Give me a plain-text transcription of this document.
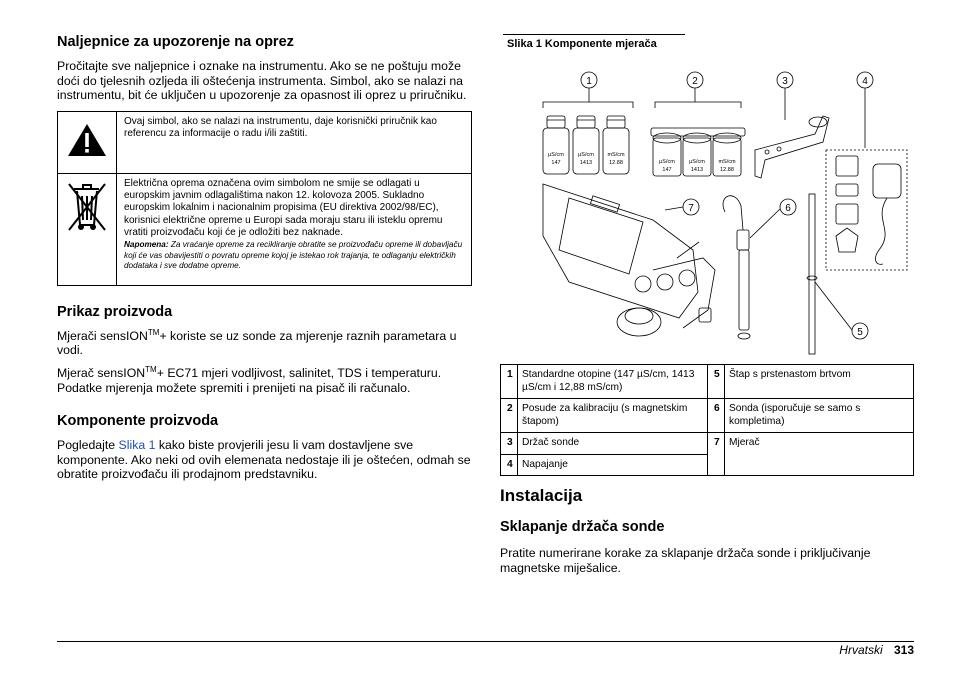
Naljepnice za upozorenje na oprez

Pročitajte sve naljepnice i oznake na instrumentu. Ako se ne poštuju može doći do tjelesnih ozljeda ili oštećenja instrumenta. Simbol, ako se nalazi na instrumentu, bit će uključen u upozorenje za opasnost ili oprez u priručniku.

	Ovaj simbol, ako se nalazi na instrumentu, daje korisnički priručnik kao referencu za informacije o radu i/ili zaštiti.

Električna oprema označena ovim simbolom ne smije se odlagati u europskim javnim odlagalištima nakon 12. kolovoza 2005. Sukladno europskim lokalnim i nacionalnim propisima (EU direktiva 2002/98/EC), korisnici električne opreme u Europi sada moraju staru ili isteklu opremu vratiti proizvođaču koji će je odložiti bez naknade.
Napomena: Za vraćanje opreme za recikliranje obratite se proizvođaču opreme ili dobavljaču koji će vas obavijestiti o povratu opreme kojoj je istekao rok trajanja, te odlaganju električkih dodataka i sve dodatne opreme.
Prikaz proizvoda

Mjerači sensION™+ koriste se uz sonde za mjerenje raznih parametara u vodi.

Mjerač sensION™+ EC71 mjeri vodljivost, salinitet, TDS i temperaturu. Podatke mjerenja možete spremiti i prenijeti na pisač ili računalo.

Komponente proizvoda

Pogledajte Slika 1 kako biste provjerili jesu li vam dostavljene sve komponente. Ako neki od ovih elemenata nedostaje ili je oštećen, odmah se obratite proizvođaču ili prodajnom predstavniku.

Slika 1 Komponente mjerača
1	2	3	4
5
6
7
µS/cm
147
µS/cm
1413
mS/cm
12.88	µS/cm
147
µS/cm
1413
mS/cm
12.88
1	Standardne otopine (147 µS/cm, 1413 µS/cm i 12,88 mS/cm)	5	Štap s prstenastom brtvom
2	Posude za kalibraciju (s magnetskim štapom)	6	Sonda (isporučuje se samo s kompletima)
3	Držač sonde	7	Mjerač
4	Napajanje		
Instalacija
Sklapanje držača sonde
Pratite numerirane korake za sklapanje držača sonde i priključivanje magnetske miješalice.
Hrvatski 313
